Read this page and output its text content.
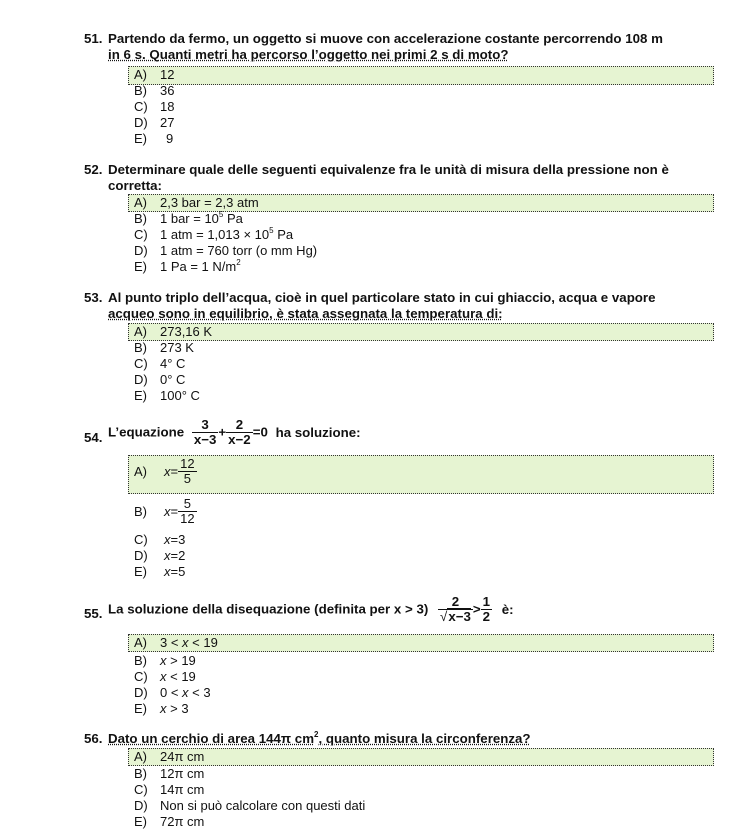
51. Partendo da fermo, un oggetto si muove con accelerazione costante percorrendo 108 m
in 6 s. Quanti metri ha percorso l’oggetto nei primi 2 s di moto?
A) 12
B) 36
C) 18
D) 27
E) 9
52. Determinare quale delle seguenti equivalenze fra le unità di misura della pressione non è
corretta:
A) 2,3 bar = 2,3 atm
B) 1 bar = $10^5$ Pa
C) 1 atm = $1,013 \times 10^5$ Pa
D) 1 atm = 760 torr (o mm Hg)
E) 1 Pa = 1 $N/m^2$
53. Al punto triplo dell’acqua, cioè in quel particolare stato in cui ghiaccio, acqua e vapore
acqueo sono in equilibrio, è stata assegnata la temperatura di:
A) 273,16 K
B) 273 K
C) 4° C
D) 0° C
E) 100° C
54. L’equazione $\frac{3}{x-3} + \frac{2}{x-2} =0$ ha soluzione:
A) $x= \frac{12}{5}$
B) $x= \frac{5}{12}$
C) x=3
D) x=2
E) x=5
55. La soluzione della disequazione (definita per $x > 3) \frac{2}{√x-3} > \frac{1}{2}$ è:
A) 3 < x < 19
B) x > 19
C) x < 19
D) 0 < x < 3
E) x > 3
56. Dato un cerchio di area 144π $cm^2$, quanto misura la circonferenza?
A) 24π cm
B) 12π cm
C) 14π cm
D) Non si può calcolare con questi dati
E) 72π cm
